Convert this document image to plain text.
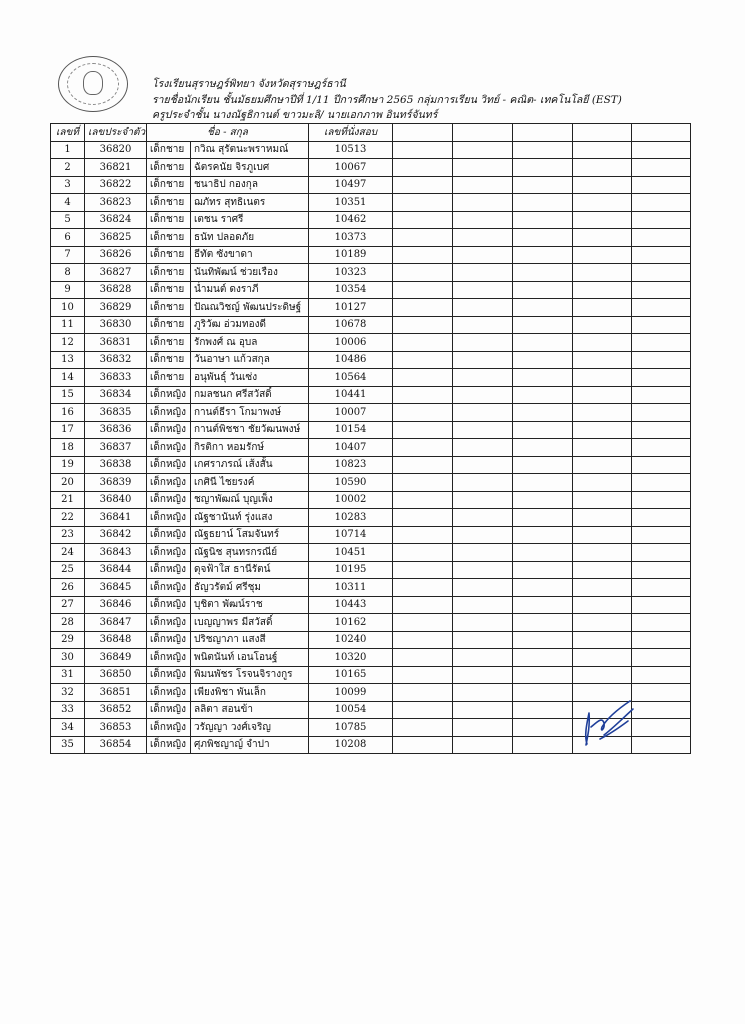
โรงเรียนสุราษฎร์พิทยา จังหวัดสุราษฎร์ธานี
รายชื่อนักเรียน ชั้นมัธยมศึกษาปีที่ 1/11 ปีการศึกษา 2565 กลุ่มการเรียน วิทย์ - คณิต- เทคโนโลยี (EST)
ครูประจำชั้น นางณัฐธิกานต์ ขาวมะลิ/ นายเอกภาพ อินทร์จันทร์
เลขที่	เลขประจำตัว	ชื่อ - สกุล		เลขที่นั่งสอบ					
1	36820	เด็กชาย	กวิณ สุรัตนะพราหมณ์	10513					
2	36821	เด็กชาย	ฉัตรคนัย จิรภูเบศ	10067					
3	36822	เด็กชาย	ชนาธิป กองกุล	10497					
4	36823	เด็กชาย	ฌภัทร สุทธิเนตร	10351					
5	36824	เด็กชาย	เตชน ราศรี	10462					
6	36825	เด็กชาย	ธนัท ปลอดภัย	10373					
7	36826	เด็กชาย	ธีทัต ซังขาดา	10189					
8	36827	เด็กชาย	นันทิพัฒน์ ช่วยเรือง	10323					
9	36828	เด็กชาย	น่ำมนต์ ดงราภี	10354					
10	36829	เด็กชาย	ปัณณวิชญ์ พัฒนประดิษฐ์	10127					
11	36830	เด็กชาย	ภูริวัฒ อ่วมทองดี	10678					
12	36831	เด็กชาย	รักพงศ์ ณ อุบล	10006					
13	36832	เด็กชาย	วันอาษา แก้วสกุล	10486					
14	36833	เด็กชาย	อนุพันธุ์ วันเซ่ง	10564					
15	36834	เด็กหญิง	กมลชนก ศรีสวัสดิ์	10441					
16	36835	เด็กหญิง	กานต์ธีรา โกมาพงษ์	10007					
17	36836	เด็กหญิง	กานต์พิชชา ชัยวัฒนพงษ์	10154					
18	36837	เด็กหญิง	กิรติกา หอมรักษ์	10407					
19	36838	เด็กหญิง	เกศราภรณ์ เส้งสั้น	10823					
20	36839	เด็กหญิง	เกศินี ไชยรงค์	10590					
21	36840	เด็กหญิง	ชญาพัฒณ์ บุญเพ็ง	10002					
22	36841	เด็กหญิง	ณัฐชานันท์ รุ่งแสง	10283					
23	36842	เด็กหญิง	ณัฐธยาน์ โสมจันทร์	10714					
24	36843	เด็กหญิง	ณัฐนิช สุนทรกรณีย์	10451					
25	36844	เด็กหญิง	ดุจฟ้าใส ธานีรัตน์	10195					
26	36845	เด็กหญิง	ธัญวรัตม์ ศรีชุม	10311					
27	36846	เด็กหญิง	บุชิตา พัฒน์ราช	10443					
28	36847	เด็กหญิง	เบญญาพร มีสวัสดิ์	10162					
29	36848	เด็กหญิง	ปริชญาภา แสงสี	10240					
30	36849	เด็กหญิง	พนิตนันท์ เอนโอนฐ์	10320					
31	36850	เด็กหญิง	พิมนพัชร โรจนจิรางกูร	10165					
32	36851	เด็กหญิง	เพียงพิชา พันเล็ก	10099					
33	36852	เด็กหญิง	ลลิตา สอนข้า	10054					
34	36853	เด็กหญิง	วรัญญา วงศ์เจริญ	10785					
35	36854	เด็กหญิง	ศุภพิชญาญ์ จำปา	10208					
